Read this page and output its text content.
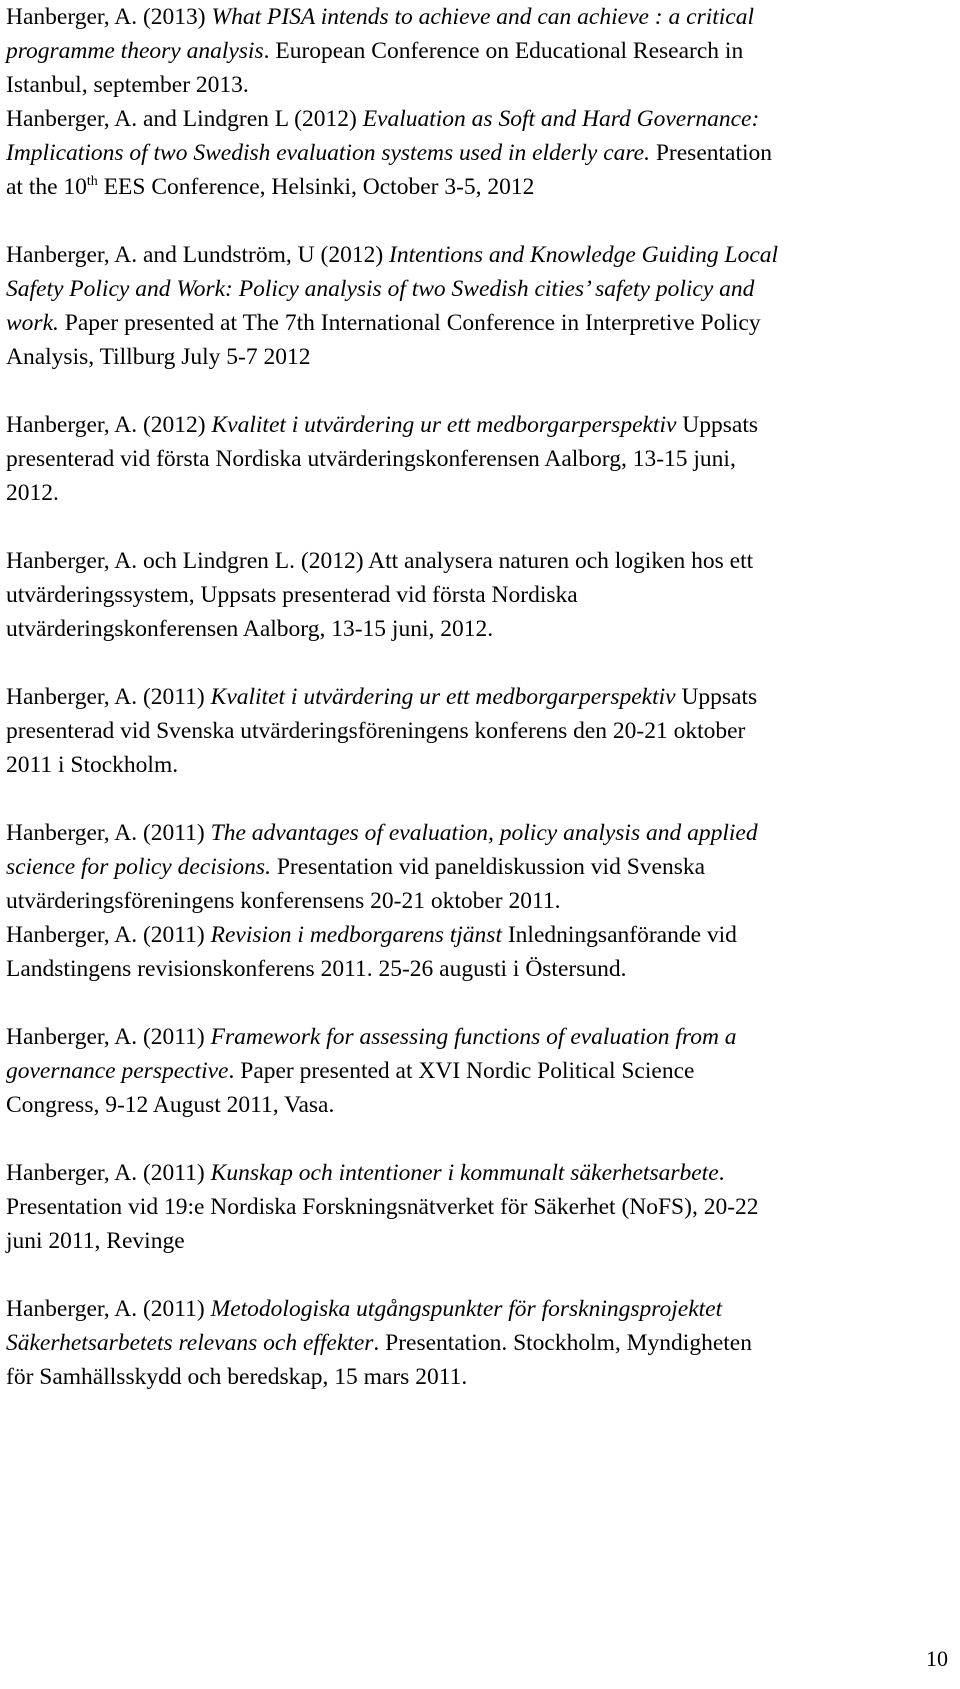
Hanberger, A. (2013) What PISA intends to achieve and can achieve : a critical
programme theory analysis. European Conference on Educational Research in
Istanbul, september 2013.
Hanberger, A. and Lindgren L (2012) Evaluation as Soft and Hard Governance:
Implications of two Swedish evaluation systems used in elderly care. Presentation
at the 10th EES Conference, Helsinki, October 3-5, 2012
Hanberger, A. and Lundström, U (2012) Intentions and Knowledge Guiding Local
Safety Policy and Work: Policy analysis of two Swedish cities’ safety policy and
work. Paper presented at The 7th International Conference in Interpretive Policy
Analysis, Tillburg July 5-7 2012
Hanberger, A. (2012) Kvalitet i utvärdering ur ett medborgarperspektiv Uppsats
presenterad vid första Nordiska utvärderingskonferensen Aalborg, 13-15 juni,
2012.
Hanberger, A. och Lindgren L. (2012) Att analysera naturen och logiken hos ett
utvärderingssystem, Uppsats presenterad vid första Nordiska
utvärderingskonferensen Aalborg, 13-15 juni, 2012.
Hanberger, A. (2011) Kvalitet i utvärdering ur ett medborgarperspektiv Uppsats
presenterad vid Svenska utvärderingsföreningens konferens den 20-21 oktober
2011 i Stockholm.
Hanberger, A. (2011) The advantages of evaluation, policy analysis and applied
science for policy decisions. Presentation vid paneldiskussion vid Svenska
utvärderingsföreningens konferensens 20-21 oktober 2011.
Hanberger, A. (2011) Revision i medborgarens tjänst Inledningsanförande vid
Landstingens revisionskonferens 2011. 25-26 augusti i Östersund.
Hanberger, A. (2011) Framework for assessing functions of evaluation from a
governance perspective. Paper presented at XVI Nordic Political Science
Congress, 9-12 August 2011, Vasa.
Hanberger, A. (2011) Kunskap och intentioner i kommunalt säkerhetsarbete.
Presentation vid 19:e Nordiska Forskningsnätverket för Säkerhet (NoFS), 20-22
juni 2011, Revinge
Hanberger, A. (2011) Metodologiska utgångspunkter för forskningsprojektet
Säkerhetsarbetets relevans och effekter. Presentation. Stockholm, Myndigheten
för Samhällsskydd och beredskap, 15 mars 2011.
10
